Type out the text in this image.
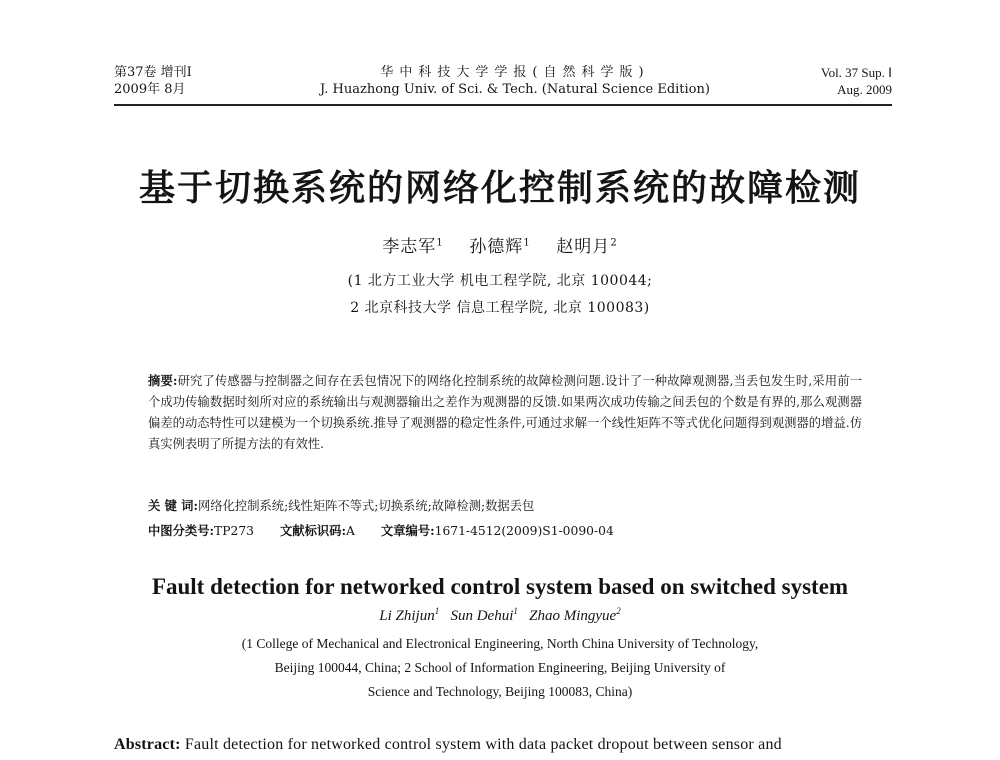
第37卷 增刊Ⅰ
2009年 8月
华中科技大学学报(自然科学版)
J. Huazhong Univ. of Sci. & Tech. (Natural Science Edition)
Vol. 37 Sup. Ⅰ
Aug. 2009
基于切换系统的网络化控制系统的故障检测
李志军$^1$ 孙德辉$^1$ 赵明月$^2$
(1 北方工业大学 机电工程学院, 北京 100044;
2 北京科技大学 信息工程学院, 北京 100083)
摘要:研究了传感器与控制器之间存在丢包情况下的网络化控制系统的故障检测问题.设计了一种故障观测器,当丢包发生时,采用前一个成功传输数据时刻所对应的系统输出与观测器输出之差作为观测器的反馈.如果两次成功传输之间丢包的个数是有界的,那么观测器偏差的动态特性可以建模为一个切换系统.推导了观测器的稳定性条件,可通过求解一个线性矩阵不等式优化问题得到观测器的增益.仿真实例表明了所提方法的有效性.
关 键 词:网络化控制系统;线性矩阵不等式;切换系统;故障检测;数据丢包
中图分类号:TP273 文献标识码:A 文章编号:1671-4512(2009)S1-0090-04
Fault detection for networked control system based on switched system
Li Zhijun$^1$ Sun Dehui$^1$ Zhao Mingyue$^2$
(1 College of Mechanical and Electronical Engineering, North China University of Technology,
Beijing 100044, China; 2 School of Information Engineering, Beijing University of
Science and Technology, Beijing 100083, China)
Abstract: Fault detection for networked control system with data packet dropout between sensor and
